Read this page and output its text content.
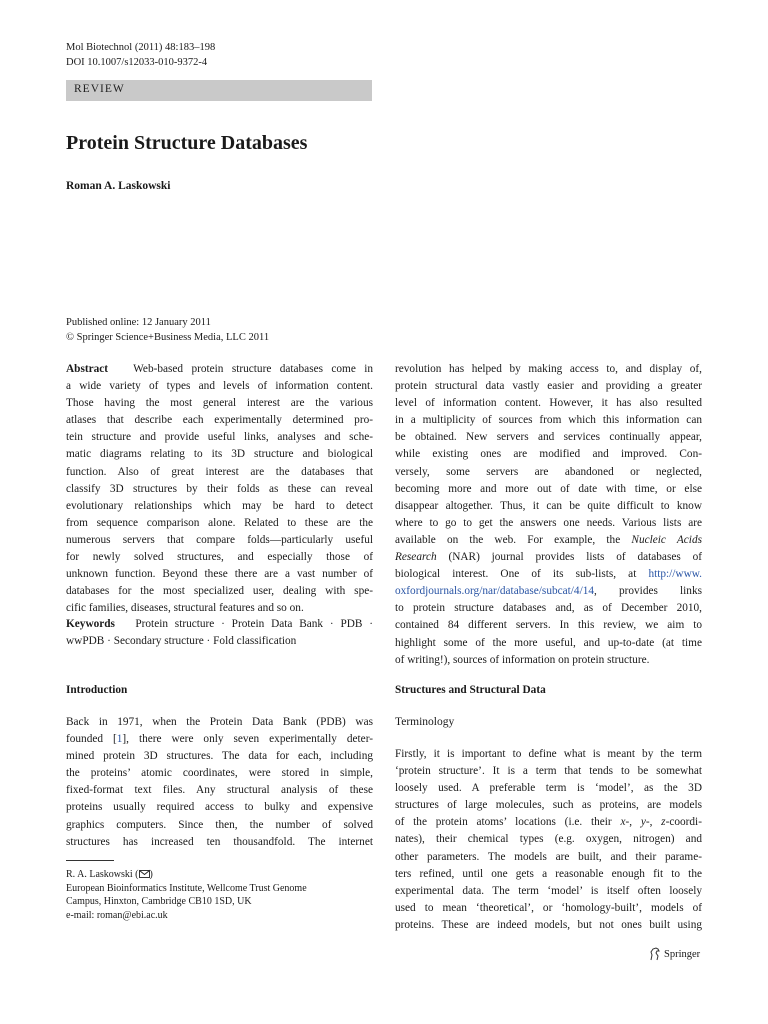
Mol Biotechnol (2011) 48:183–198
DOI 10.1007/s12033-010-9372-4
REVIEW
Protein Structure Databases
Roman A. Laskowski
Published online: 12 January 2011
© Springer Science+Business Media, LLC 2011
Abstract Web-based protein structure databases come in
a wide variety of types and levels of information content.
Those having the most general interest are the various
atlases that describe each experimentally determined pro-
tein structure and provide useful links, analyses and sche-
matic diagrams relating to its 3D structure and biological
function. Also of great interest are the databases that
classify 3D structures by their folds as these can reveal
evolutionary relationships which may be hard to detect
from sequence comparison alone. Related to these are the
numerous servers that compare folds—particularly useful
for newly solved structures, and especially those of
unknown function. Beyond these there are a vast number of
databases for the most specialized user, dealing with spe-
cific families, diseases, structural features and so on.
Keywords Protein structure · Protein Data Bank · PDB ·
wwPDB · Secondary structure · Fold classification
Introduction
Back in 1971, when the Protein Data Bank (PDB) was
founded [1], there were only seven experimentally deter-
mined protein 3D structures. The data for each, including
the proteins’ atomic coordinates, were stored in simple,
fixed-format text files. Any structural analysis of these
proteins usually required access to bulky and expensive
graphics computers. Since then, the number of solved
structures has increased ten thousandfold. The internet
R. A. Laskowski ( )
European Bioinformatics Institute, Wellcome Trust Genome
Campus, Hinxton, Cambridge CB10 1SD, UK
e-mail: roman@ebi.ac.uk
revolution has helped by making access to, and display of,
protein structural data vastly easier and providing a greater
level of information content. However, it has also resulted
in a multiplicity of sources from which this information can
be obtained. New servers and services continually appear,
while existing ones are modified and improved. Con-
versely, some servers are abandoned or neglected,
becoming more and more out of date with time, or else
disappear altogether. Thus, it can be quite difficult to know
where to go to get the answers one needs. Various lists are
available on the web. For example, the Nucleic Acids
Research (NAR) journal provides lists of databases of
biological interest. One of its sub-lists, at http://www.
oxfordjournals.org/nar/database/subcat/4/14, provides links
to protein structure databases and, as of December 2010,
contained 84 different servers. In this review, we aim to
highlight some of the more useful, and up-to-date (at time
of writing!), sources of information on protein structure.
Structures and Structural Data
Terminology
Firstly, it is important to define what is meant by the term
‘protein structure’. It is a term that tends to be somewhat
loosely used. A preferable term is ‘model’, as the 3D
structures of large molecules, such as proteins, are models
of the protein atoms’ locations (i.e. their x-, y-, z-coordi-
nates), their chemical types (e.g. oxygen, nitrogen) and
other parameters. The models are built, and their parame-
ters refined, until one gets a reasonable enough fit to the
experimental data. The term ‘model’ is itself often loosely
used to mean ‘theoretical’, or ‘homology-built’, models of
proteins. These are indeed models, but not ones built using
Springer
